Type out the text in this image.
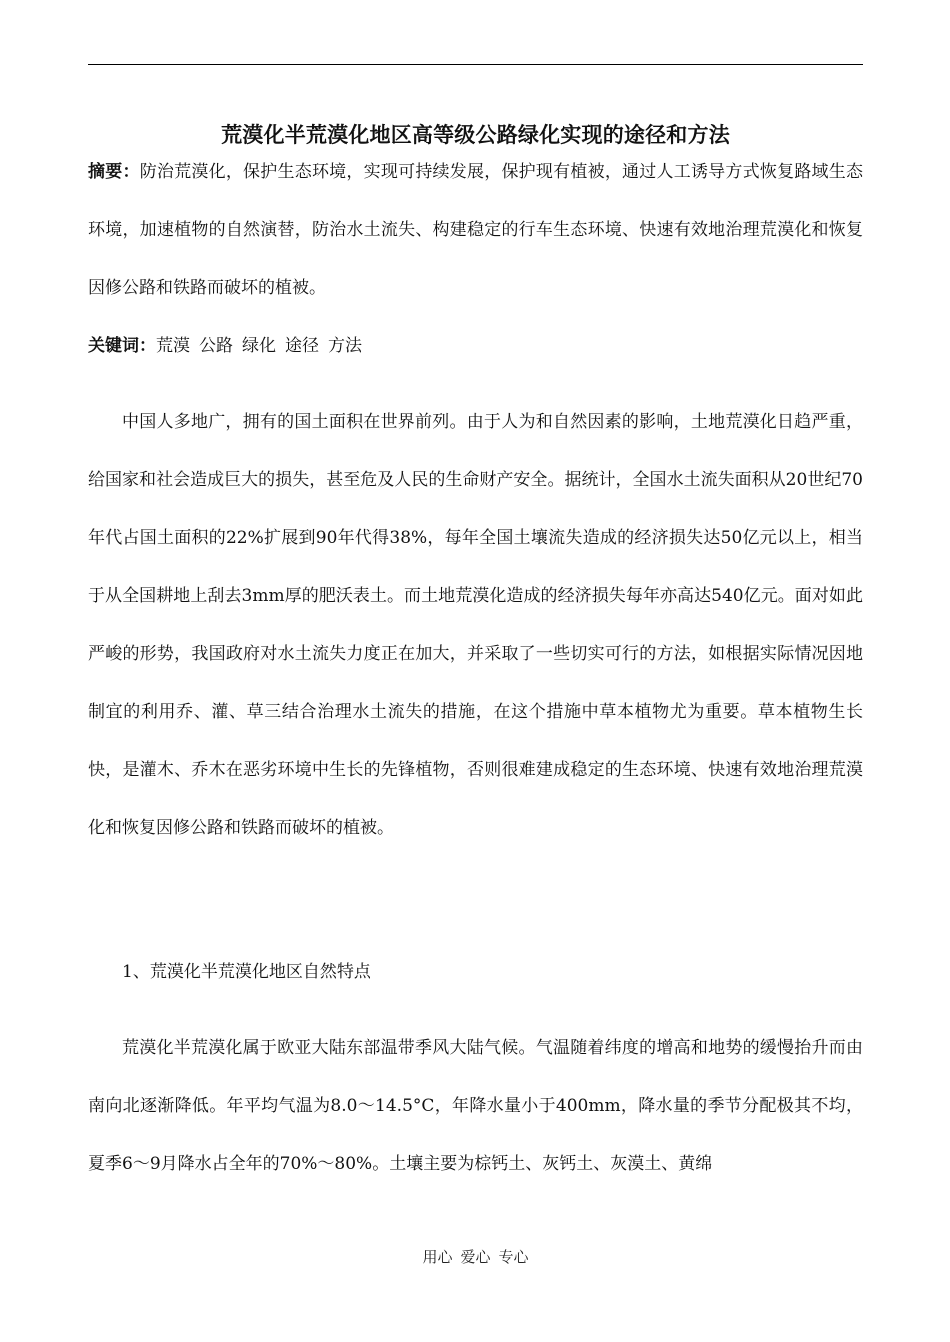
荒漠化半荒漠化地区高等级公路绿化实现的途径和方法

摘要：防治荒漠化，保护生态环境，实现可持续发展，保护现有植被，通过人工诱导方式恢复路域生态环境，加速植物的自然演替，防治水土流失、构建稳定的行车生态环境、快速有效地治理荒漠化和恢复因修公路和铁路而破坏的植被。

关键词：荒漠 公路 绿化 途径 方法

中国人多地广，拥有的国土面积在世界前列。由于人为和自然因素的影响，土地荒漠化日趋严重，给国家和社会造成巨大的损失，甚至危及人民的生命财产安全。据统计，全国水土流失面积从20世纪70年代占国土面积的22%扩展到90年代得38%，每年全国土壤流失造成的经济损失达50亿元以上，相当于从全国耕地上刮去3mm厚的肥沃表土。而土地荒漠化造成的经济损失每年亦高达540亿元。面对如此严峻的形势，我国政府对水土流失力度正在加大，并采取了一些切实可行的方法，如根据实际情况因地制宜的利用乔、灌、草三结合治理水土流失的措施，在这个措施中草本植物尤为重要。草本植物生长快，是灌木、乔木在恶劣环境中生长的先锋植物，否则很难建成稳定的生态环境、快速有效地治理荒漠化和恢复因修公路和铁路而破坏的植被。

1、荒漠化半荒漠化地区自然特点

荒漠化半荒漠化属于欧亚大陆东部温带季风大陆气候。气温随着纬度的增高和地势的缓慢抬升而由南向北逐渐降低。年平均气温为8.0～14.5°C，年降水量小于400mm，降水量的季节分配极其不均，夏季6～9月降水占全年的70%～80%。土壤主要为棕钙土、灰钙土、灰漠土、黄绵

用心 爱心 专心
